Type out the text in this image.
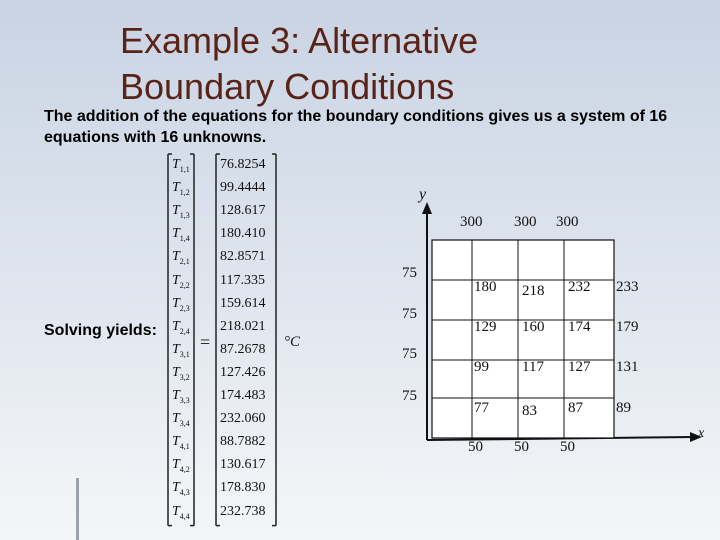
Example 3: Alternative
Boundary Conditions

The addition of the equations for the boundary conditions gives us a system of 16 equations with 16 unknowns.

Solving yields:
$T_{1,1}$ 76.8254
$T_{1,2}$ 99.4444
$T_{1,3}$ 128.617
$T_{1,4}$ 180.410
$T_{2,1}$ 82.8571
$T_{2,2}$ 117.335
$T_{2,3}$ 159.614
$T_{2,4}$ 218.021
$T_{3,1}$ 87.2678
$T_{3,2}$ 127.426
$T_{3,3}$ 174.483
$T_{3,4}$ 232.060
$T_{4,1}$ 88.7882
$T_{4,2}$ 130.617
$T_{4,3}$ 178.830
$T_{4,4}$ 232.738
=	°C
y
x
300 300 300
75
75
75
75
50 50 50
180 218 232 233
129 160 174 179
99 117 127 131
77 83 87 89
